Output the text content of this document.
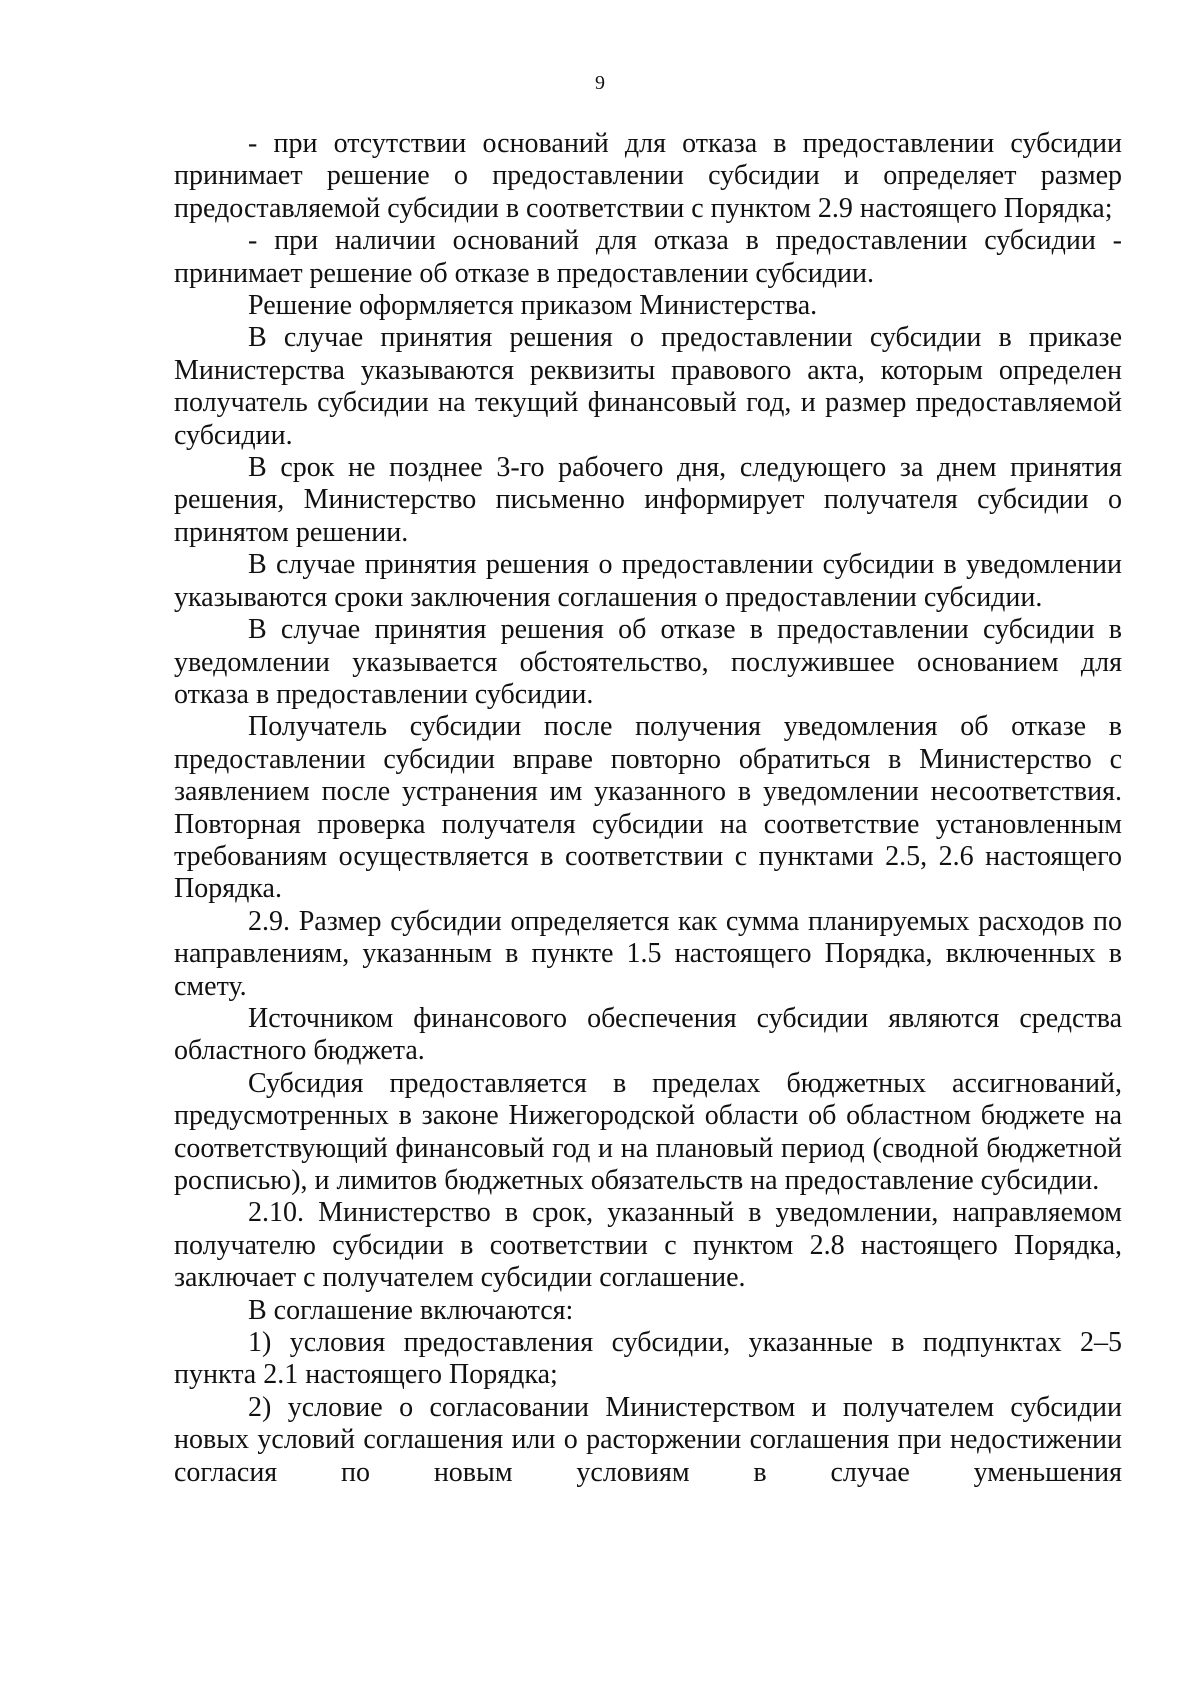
9

- при отсутствии оснований для отказа в предоставлении субсидии принимает решение о предоставлении субсидии и определяет размер предоставляемой субсидии в соответствии с пунктом 2.9 настоящего Порядка;

- при наличии оснований для отказа в предоставлении субсидии - принимает решение об отказе в предоставлении субсидии.

Решение оформляется приказом Министерства.

В случае принятия решения о предоставлении субсидии в приказе Министерства указываются реквизиты правового акта, которым определен получатель субсидии на текущий финансовый год, и размер предоставляемой субсидии.

В срок не позднее 3-го рабочего дня, следующего за днем принятия решения, Министерство письменно информирует получателя субсидии о принятом решении.

В случае принятия решения о предоставлении субсидии в уведомлении указываются сроки заключения соглашения о предоставлении субсидии.

В случае принятия решения об отказе в предоставлении субсидии в уведомлении указывается обстоятельство, послужившее основанием для отказа в предоставлении субсидии.

Получатель субсидии после получения уведомления об отказе в предоставлении субсидии вправе повторно обратиться в Министерство с заявлением после устранения им указанного в уведомлении несоответствия. Повторная проверка получателя субсидии на соответствие установленным требованиям осуществляется в соответствии с пунктами 2.5, 2.6 настоящего Порядка.

2.9. Размер субсидии определяется как сумма планируемых расходов по направлениям, указанным в пункте 1.5 настоящего Порядка, включенных в смету.

Источником финансового обеспечения субсидии являются средства областного бюджета.

Субсидия предоставляется в пределах бюджетных ассигнований, предусмотренных в законе Нижегородской области об областном бюджете на соответствующий финансовый год и на плановый период (сводной бюджетной росписью), и лимитов бюджетных обязательств на предоставление субсидии.

2.10. Министерство в срок, указанный в уведомлении, направляемом получателю субсидии в соответствии с пунктом 2.8 настоящего Порядка, заключает с получателем субсидии соглашение.

В соглашение включаются:

1) условия предоставления субсидии, указанные в подпунктах 2–5 пункта 2.1 настоящего Порядка;

2) условие о согласовании Министерством и получателем субсидии новых условий соглашения или о расторжении соглашения при недостижении согласия по новым условиям в случае уменьшения
